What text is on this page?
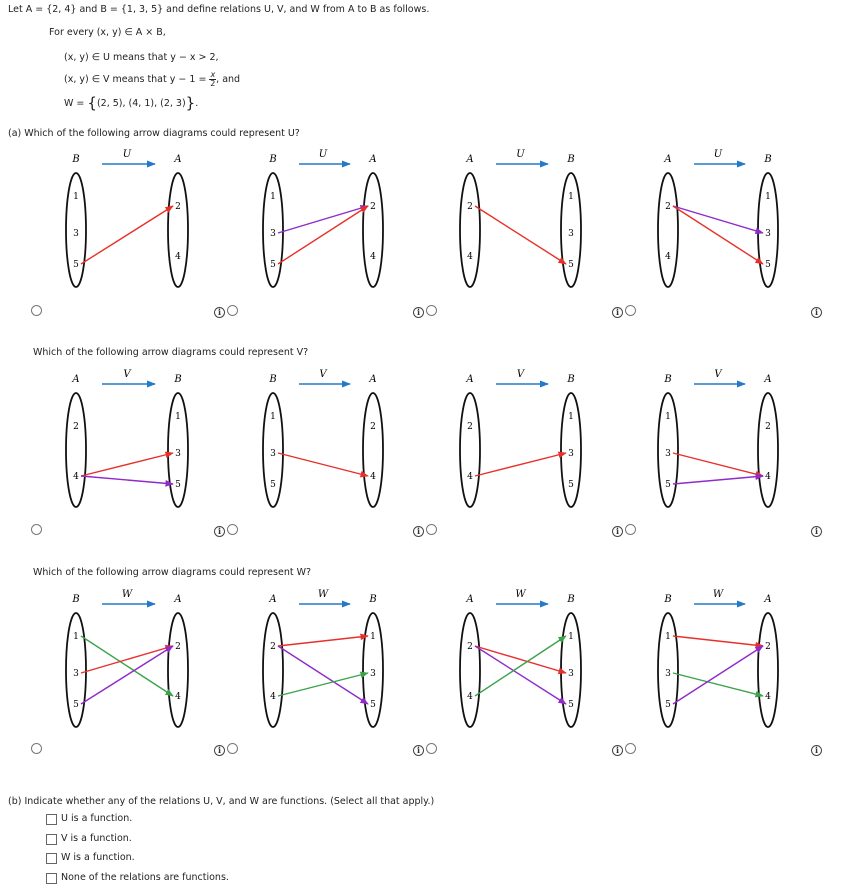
Let A = {2, 4} and B = {1, 3, 5} and define relations U, V, and W from A to B as follows.
For every (x, y) ∈ A × B,
(x, y) ∈ U means that y − x > 2,
(x, y) ∈ V means that $y - 1 = \frac{x}{2}$ , and
W = {(2, 5), (4, 1), (2, 3)}.
(a) Which of the following arrow diagrams could represent U?
Which of the following arrow diagrams could represent V?
Which of the following arrow diagrams could represent W?
B	A
U
1
3
5
2
4
B	A
U
1
3
5
2
4
A	B
U
2
4
1
3
5
A	B
U
2
4
1
3
5
A	B
V
2
4
1
3
5
B	A
V
1
3
5
2
4
A	B
V
2
4
1
3
5
B	A
V
1
3
5
2
4
B	A
W
1
3
5
2
4
A	B
W
2
4
1
3
5
A	B
W
2
4
1
3
5
B	A
W
1
3
5
2
4
i	i	i	i
i	i	i	i
i	i	i	i
(b) Indicate whether any of the relations U, V, and W are functions. (Select all that apply.)
U is a function.
V is a function.
W is a function.
None of the relations are functions.
